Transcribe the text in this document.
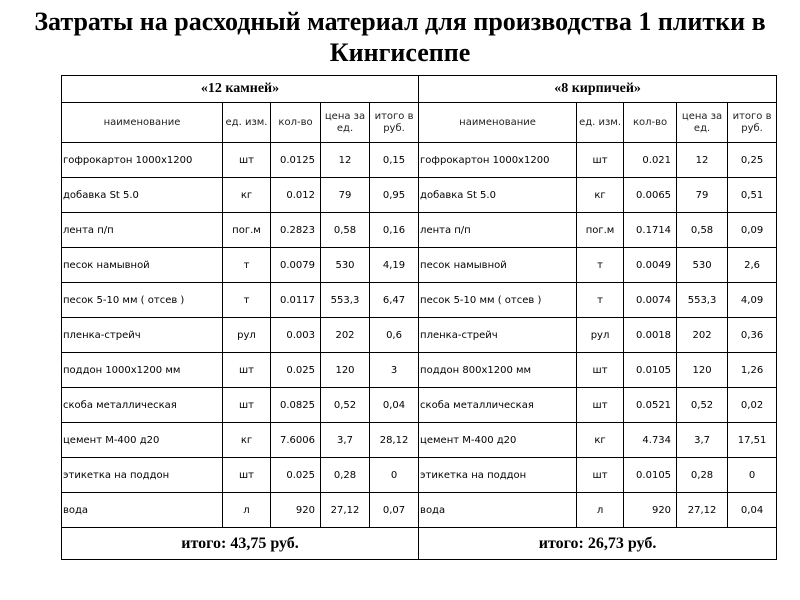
Затраты на расходный материал для производства 1 плитки в Кингисеппе
«12 камней»					«8 кирпичей»				
наименование	ед. изм.	кол-во	цена за ед.	итого в руб.	наименование	ед. изм.	кол-во	цена за ед.	итого в руб.
гофрокартон 1000х1200	шт	0.0125	12	0,15	гофрокартон 1000х1200	шт	0.021	12	0,25
добавка St 5.0	кг	0.012	79	0,95	добавка St 5.0	кг	0.0065	79	0,51
лента п/п	пог.м	0.2823	0,58	0,16	лента п/п	пог.м	0.1714	0,58	0,09
песок намывной	т	0.0079	530	4,19	песок намывной	т	0.0049	530	2,6
песок 5-10 мм ( отсев )	т	0.0117	553,3	6,47	песок 5-10 мм ( отсев )	т	0.0074	553,3	4,09
пленка-стрейч	рул	0.003	202	0,6	пленка-стрейч	рул	0.0018	202	0,36
поддон 1000х1200 мм	шт	0.025	120	3	поддон 800х1200 мм	шт	0.0105	120	1,26
скоба металлическая	шт	0.0825	0,52	0,04	скоба металлическая	шт	0.0521	0,52	0,02
цемент М-400 д20	кг	7.6006	3,7	28,12	цемент М-400 д20	кг	4.734	3,7	17,51
этикетка на поддон	шт	0.025	0,28	0	этикетка на поддон	шт	0.0105	0,28	0
вода	л	920	27,12	0,07	вода	л	920	27,12	0,04
итого: 43,75 руб.					итого: 26,73 руб.				
